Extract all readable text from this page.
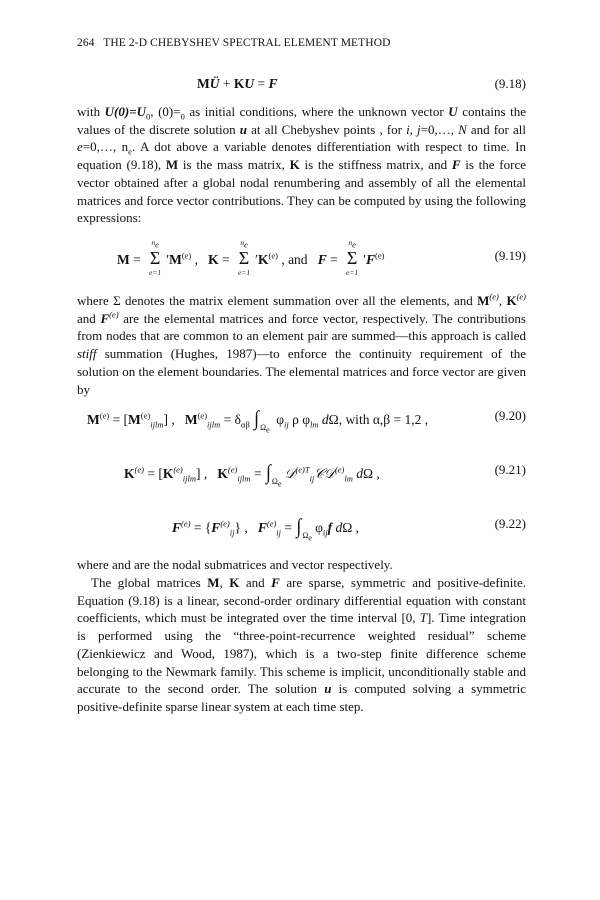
264 THE 2-D CHEBYSHEV SPECTRAL ELEMENT METHOD
MÜ + KU = F	(9.18)

with $U(0)=U_0$, $(0)=_0$ as initial conditions, where the unknown vector U contains the values of the discrete solution u at all Chebyshev points , for i, j=0,…, N and for all e=0,…, $n_e$. A dot above a variable denotes differentiation with respect to time. In equation (9.18), M is the mass matrix, K is the stiffness matrix, and F is the force vector obtained after a global nodal renumbering and assembly of all the elemental matrices and force vector contributions. They can be computed by using the following expressions:

M =
$n_e$
Σ
e=1
$'M^{(e)}$ ,   K =
$n_e$
Σ
e=1
$'K^{(e)}$ , and F =
$n_e$
Σ
e=1
$'F^{(e)}$	(9.19)

where Σ denotes the matrix element summation over all the elements, and $M^{(e)}$, $K^{(e)}$ and $F^{(e)}$ are the elemental matrices and force vector, respectively. The contributions from nodes that are common to an element pair are summed—this approach is called stiff summation (Hughes, 1987)—to enforce the continuity requirement of the solution on the element boundaries. The elemental matrices and force vector are given by

$M^{(e)} = [M^{(e)}_{ijlm}]$ ,   $M^{(e)}_{ijlm} = \delta_{\alpha\beta}$ $\int_{\Omega_e}$ $\varphi_{ij}$ ρ $\varphi_{lm}$ dΩ, with α,β = 1,2 ,	(9.20)
$K^{(e)} = [K^{(e)}_{ijlm}]$ ,   $K^{(e)}_{ijlm}$ = $\int_{\Omega_e}𝒟^{(e)T}_{ij}𝒞𝒟^{(e)}_{lm}$ dΩ ,	(9.21)
$F^{(e)} = \{F^{(e)}_{ij}\}$ ,   $F^{(e)}_{ij} = \int_{\Omega_e}\varphi_{ij}f$ dΩ ,	(9.22)

where and are the nodal submatrices and vector respectively.

The global matrices M, K and F are sparse, symmetric and positive-definite. Equation (9.18) is a linear, second-order ordinary differential equation with constant coefficients, which must be integrated over the time interval [0, T]. Time integration is performed using the “three-point-recurrence weighted residual” scheme (Zienkiewicz and Wood, 1987), which is a two-step finite difference scheme belonging to the Newmark family. This scheme is implicit, unconditionally stable and accurate to the second order. The solution u is computed solving a symmetric positive-definite sparse linear system at each time step.
